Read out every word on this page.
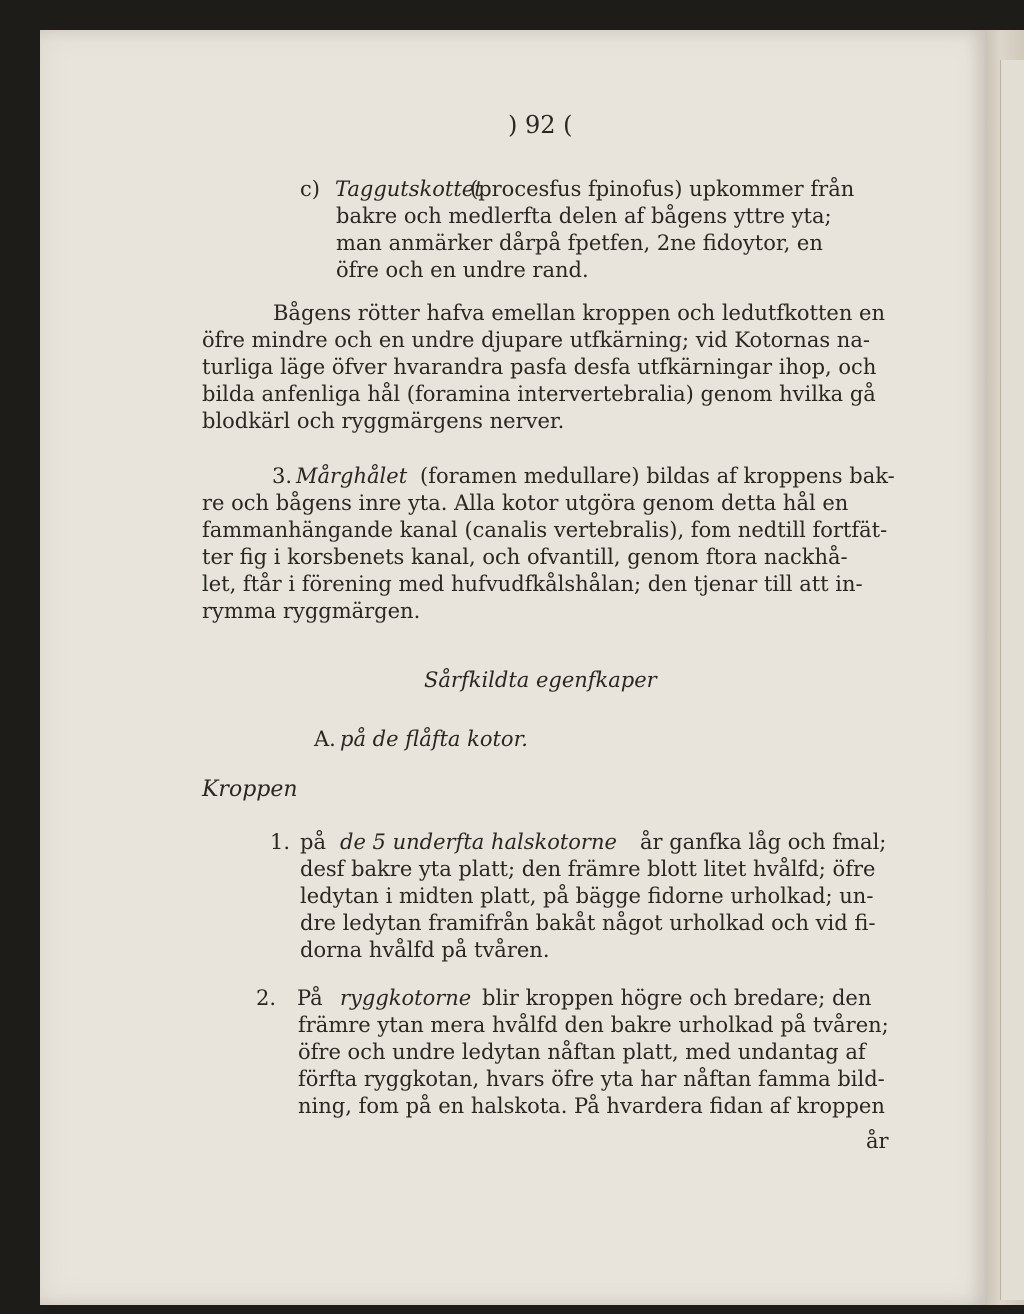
) 92 (
c) Taggutskottet
(procesfus fpinofus) upkommer från
bakre och medlerfta delen af bågens yttre yta;
man anmärker dårpå fpetfen, 2ne fidoytor, en
öfre och en undre rand.
Bågens rötter hafva emellan kroppen och ledutfkotten en
öfre mindre och en undre djupare utfkärning; vid Kotornas na-
turliga läge öfver hvarandra pasfa desfa utfkärningar ihop, och
bilda anfenliga hål (foramina intervertebralia) genom hvilka gå
blodkärl och ryggmärgens nerver.
3. Mårghålet (foramen medullare) bildas af kroppens bak-
re och bågens inre yta. Alla kotor utgöra genom detta hål en
fammanhängande kanal (canalis vertebralis), fom nedtill fortfät-
ter fig i korsbenets kanal, och ofvantill, genom ftora nackhå-
let, ftår i förening med hufvudfkålshålan; den tjenar till att in-
rymma ryggmärgen.
Sårfkildta egenfkaper
A. på de flåfta kotor.
Kroppen
1. på de 5 underfta halskotorne år ganfka låg och fmal;
desf bakre yta platt; den främre blott litet hvålfd; öfre
ledytan i midten platt, på bägge fidorne urholkad; un-
dre ledytan framifrån bakåt något urholkad och vid fi-
dorna hvålfd på tvåren.
2. På ryggkotorne blir kroppen högre och bredare; den
främre ytan mera hvålfd den bakre urholkad på tvåren;
öfre och undre ledytan nåftan platt, med undantag af
förfta ryggkotan, hvars öfre yta har nåftan famma bild-
ning, fom på en halskota. På hvardera fidan af kroppen
år
